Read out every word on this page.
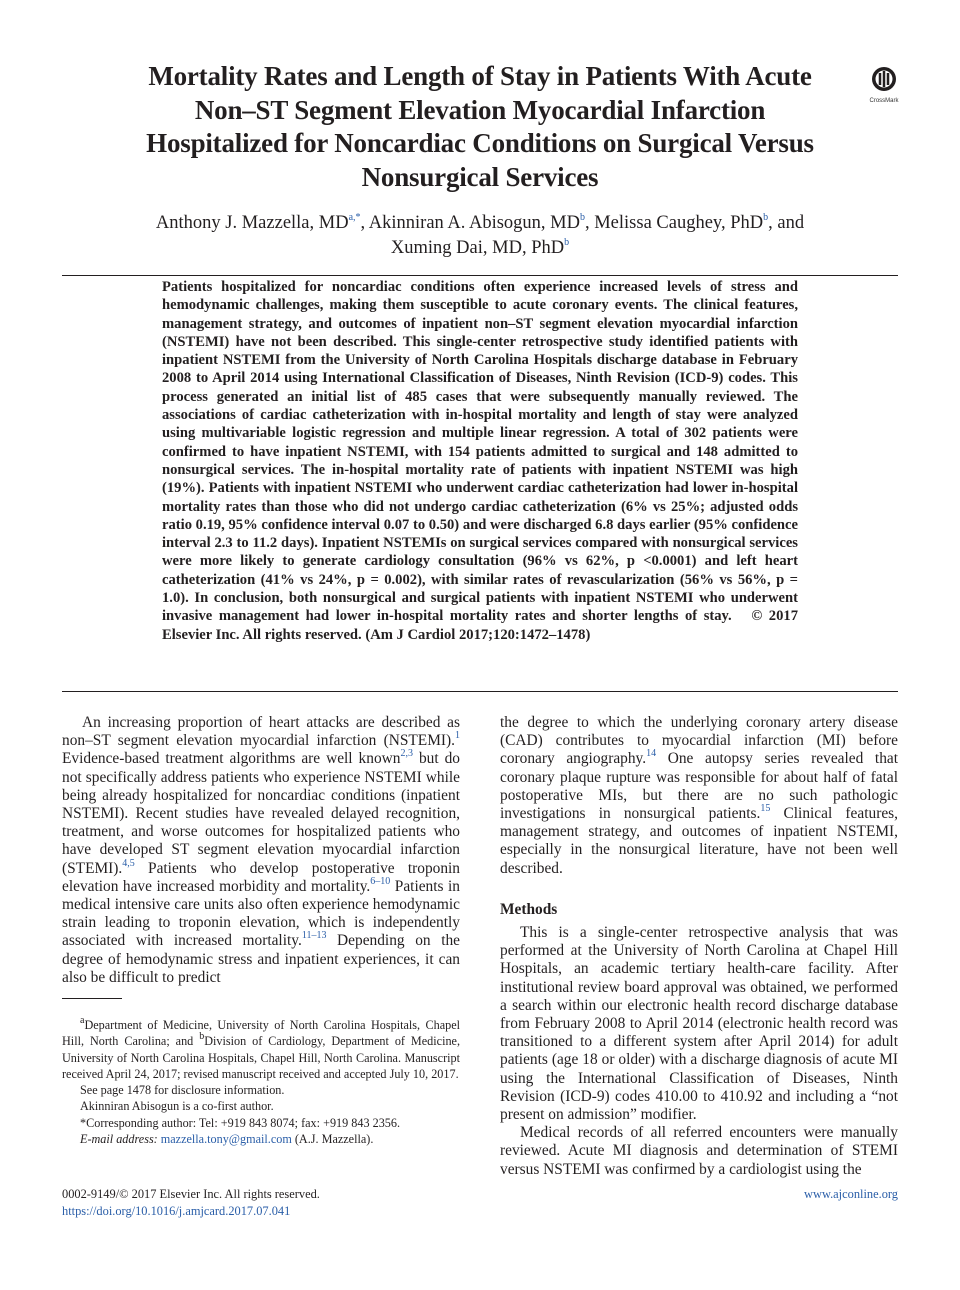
Mortality Rates and Length of Stay in Patients With Acute Non–ST Segment Elevation Myocardial Infarction Hospitalized for Noncardiac Conditions on Surgical Versus Nonsurgical Services
CrossMark
Anthony J. Mazzella, $MD^{a,*}$, Akinniran A. Abisogun, $MD^b$, Melissa Caughey, PhD$^b$, and
Xuming Dai, MD, PhD$^b$
Patients hospitalized for noncardiac conditions often experience increased levels of stress and hemodynamic challenges, making them susceptible to acute coronary events. The clinical features, management strategy, and outcomes of inpatient non–ST segment elevation myocardial infarction (NSTEMI) have not been described. This single-center retrospective study identified patients with inpatient NSTEMI from the University of North Carolina Hospitals discharge database in February 2008 to April 2014 using International Classification of Diseases, Ninth Revision (ICD-9) codes. This process generated an initial list of 485 cases that were subsequently manually reviewed. The associations of cardiac catheterization with in-hospital mortality and length of stay were analyzed using multivariable logistic regression and multiple linear regression. A total of 302 patients were confirmed to have inpatient NSTEMI, with 154 patients admitted to surgical and 148 admitted to nonsurgical services. The in-hospital mortality rate of patients with inpatient NSTEMI was high (19%). Patients with inpatient NSTEMI who underwent cardiac catheterization had lower in-hospital mortality rates than those who did not undergo cardiac catheterization (6% vs 25%; adjusted odds ratio 0.19, 95% confidence interval 0.07 to 0.50) and were discharged 6.8 days earlier (95% confidence interval 2.3 to 11.2 days). Inpatient NSTEMIs on surgical services compared with nonsurgical services were more likely to generate cardiology consultation (96% vs 62%, p <0.0001) and left heart catheterization (41% vs 24%, p = 0.002), with similar rates of revascularization (56% vs 56%, p = 1.0). In conclusion, both nonsurgical and surgical patients with inpatient NSTEMI who underwent invasive management had lower in-hospital mortality rates and shorter lengths of stay. © 2017 Elsevier Inc. All rights reserved. (Am J Cardiol 2017;120:1472–1478)

An increasing proportion of heart attacks are described as non–ST segment elevation myocardial infarction (NSTEMI).$^1$ Evidence-based treatment algorithms are well known$^{2,3}$ but do not specifically address patients who experience NSTEMI while being already hospitalized for noncardiac conditions (inpatient NSTEMI). Recent studies have revealed delayed recognition, treatment, and worse outcomes for hospitalized patients who have developed ST segment elevation myocardial infarction (STEMI).$^{4,5}$ Patients who develop postoperative troponin elevation have increased morbidity and mortality.$^{6-10}$ Patients in medical intensive care units also often experience hemodynamic strain leading to troponin elevation, which is independently associated with increased mortality.$^{11-13}$ Depending on the degree of hemodynamic stress and inpatient experiences, it can also be difficult to predict

$^a$Department of Medicine, University of North Carolina Hospitals, Chapel Hill, North Carolina; and $^b$Division of Cardiology, Department of Medicine, University of North Carolina Hospitals, Chapel Hill, North Carolina. Manuscript received April 24, 2017; revised manuscript received and accepted July 10, 2017.

See page 1478 for disclosure information.

Akinniran Abisogun is a co-first author.

*Corresponding author: Tel: +919 843 8074; fax: +919 843 2356.

E-mail address: mazzella.tony@gmail.com (A.J. Mazzella).

the degree to which the underlying coronary artery disease (CAD) contributes to myocardial infarction (MI) before coronary angiography.$^{14}$ One autopsy series revealed that coronary plaque rupture was responsible for about half of fatal postoperative MIs, but there are no such pathologic investigations in nonsurgical patients.$^{15}$ Clinical features, management strategy, and outcomes of inpatient NSTEMI, especially in the nonsurgical literature, have not been well described.

Methods

This is a single-center retrospective analysis that was performed at the University of North Carolina at Chapel Hill Hospitals, an academic tertiary health-care facility. After institutional review board approval was obtained, we performed a search within our electronic health record discharge database from February 2008 to April 2014 (electronic health record was transitioned to a different system after April 2014) for adult patients (age 18 or older) with a discharge diagnosis of acute MI using the International Classification of Diseases, Ninth Revision (ICD-9) codes 410.00 to 410.92 and including a “not present on admission” modifier.

Medical records of all referred encounters were manually reviewed. Acute MI diagnosis and determination of STEMI versus NSTEMI was confirmed by a cardiologist using the

0002-9149/© 2017 Elsevier Inc. All rights reserved.
https://doi.org/10.1016/j.amjcard.2017.07.041
www.ajconline.org
